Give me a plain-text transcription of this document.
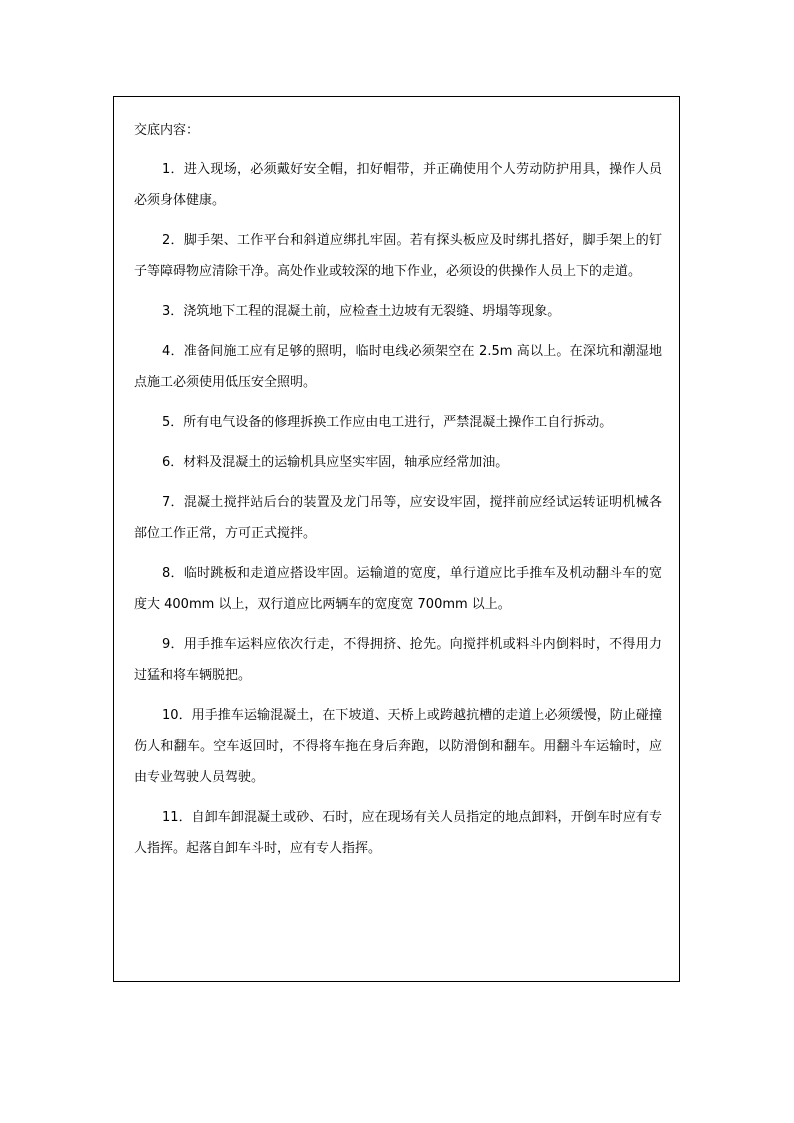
交底内容：

1．进入现场，必须戴好安全帽，扣好帽带，并正确使用个人劳动防护用具，操作人员必须身体健康。

2．脚手架、工作平台和斜道应绑扎牢固。若有探头板应及时绑扎搭好，脚手架上的钉子等障碍物应清除干净。高处作业或较深的地下作业，必须设的供操作人员上下的走道。

3．浇筑地下工程的混凝土前，应检查土边坡有无裂缝、坍塌等现象。

4．准备间施工应有足够的照明，临时电线必须架空在 2.5m 高以上。在深坑和潮湿地点施工必须使用低压安全照明。

5．所有电气设备的修理拆换工作应由电工进行，严禁混凝土操作工自行拆动。

6．材料及混凝土的运输机具应坚实牢固，轴承应经常加油。

7．混凝土搅拌站后台的装置及龙门吊等，应安设牢固，搅拌前应经试运转证明机械各部位工作正常，方可正式搅拌。

8．临时跳板和走道应搭设牢固。运输道的宽度，单行道应比手推车及机动翻斗车的宽度大 400mm 以上，双行道应比两辆车的宽度宽 700mm 以上。

9．用手推车运料应依次行走，不得拥挤、抢先。向搅拌机或料斗内倒料时，不得用力过猛和将车辆脱把。

10．用手推车运输混凝土，在下坡道、天桥上或跨越抗槽的走道上必须缓慢，防止碰撞伤人和翻车。空车返回时，不得将车拖在身后奔跑，以防滑倒和翻车。用翻斗车运输时，应由专业驾驶人员驾驶。

11．自卸车卸混凝土或砂、石时，应在现场有关人员指定的地点卸料，开倒车时应有专人指挥。起落自卸车斗时，应有专人指挥。
